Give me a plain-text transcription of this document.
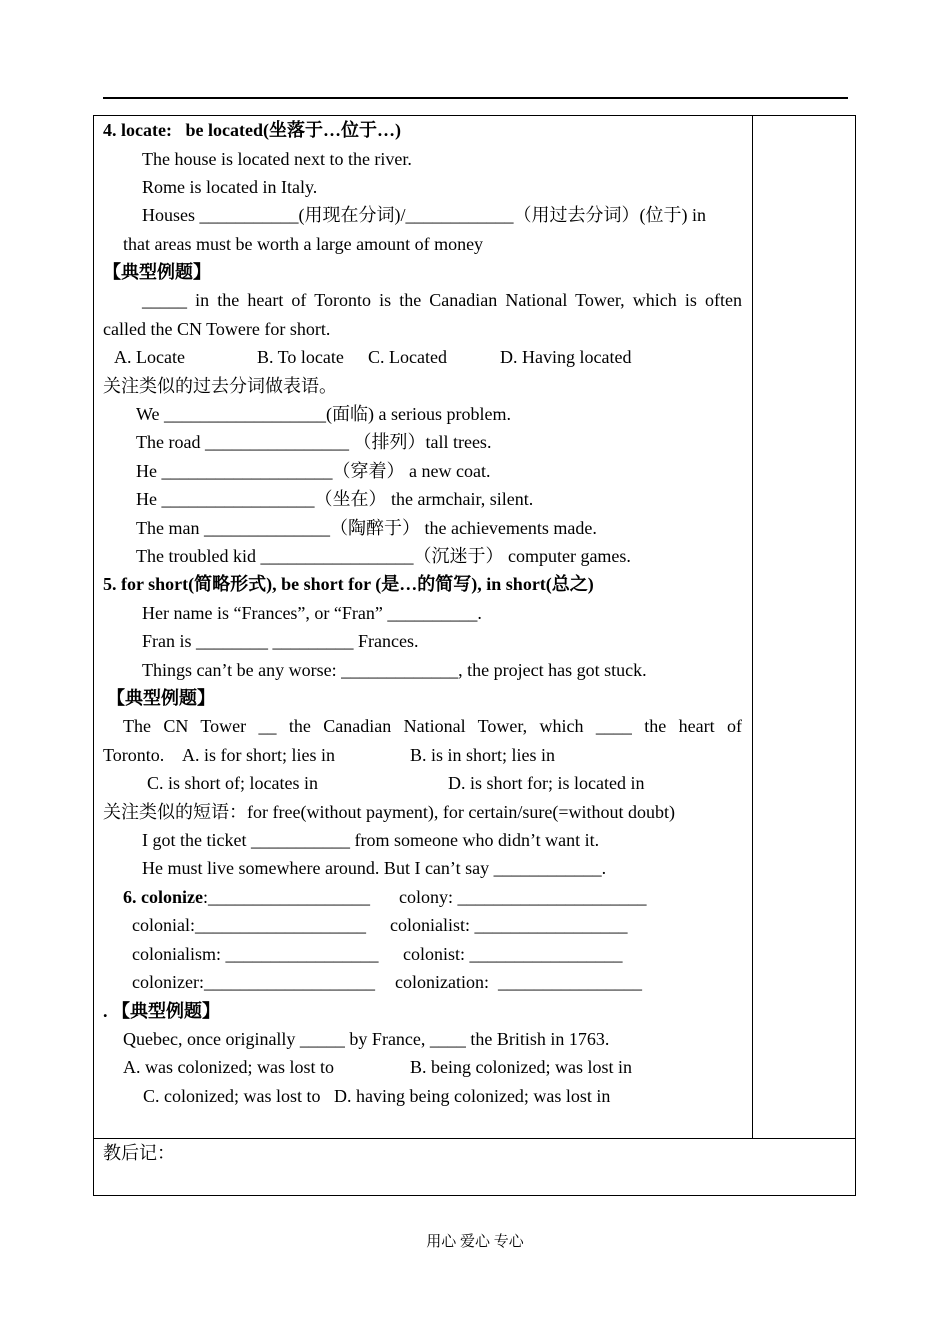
4. locate:   be located(坐落于…位于…)
The house is located next to the river.
Rome is located in Italy.
Houses ___________(用现在分词)/____________（用过去分词）(位于) in
that areas must be worth a large amount of money
【典型例题】
_____ in the heart of Toronto is the Canadian National Tower, which is often
called the CN Towere for short.
A. Locate	B. To locate C. Located	D. Having located
关注类似的过去分词做表语。
We __________________(面临) a serious problem.
The road ________________ （排列）tall trees.
He ___________________（穿着） a new coat.
He _________________（坐在） the armchair, silent.
The man ______________（陶醉于） the achievements made.
The troubled kid _________________（沉迷于） computer games.
5. for short(简略形式), be short for (是…的简写), in short(总之)
Her name is “Frances”, or “Fran” __________.
Fran is ________ _________ Frances.
Things can’t be any worse: _____________, the project has got stuck.
【典型例题】
The CN Tower __ the Canadian National Tower, which ____ the heart of
Toronto. A. is for short; lies in	B. is in short; lies in
C. is short of; locates in	D. is short for; is located in
关注类似的短语：for free(without payment), for certain/sure(=without doubt)
I got the ticket ___________ from someone who didn’t want it.
He must live somewhere around. But I can’t say ____________.
6. colonize:__________________ colony: _____________________
colonial:___________________ colonialist: _________________
colonialism: _________________ colonist: _________________
colonizer:___________________ colonization:  ________________
. 【典型例题】
Quebec, once originally _____ by France, ____ the British in 1763.
A. was colonized; was lost to	B. being colonized; was lost in
C. colonized; was lost to   D. having being colonized; was lost in
教后记：
用心 爱心 专心
